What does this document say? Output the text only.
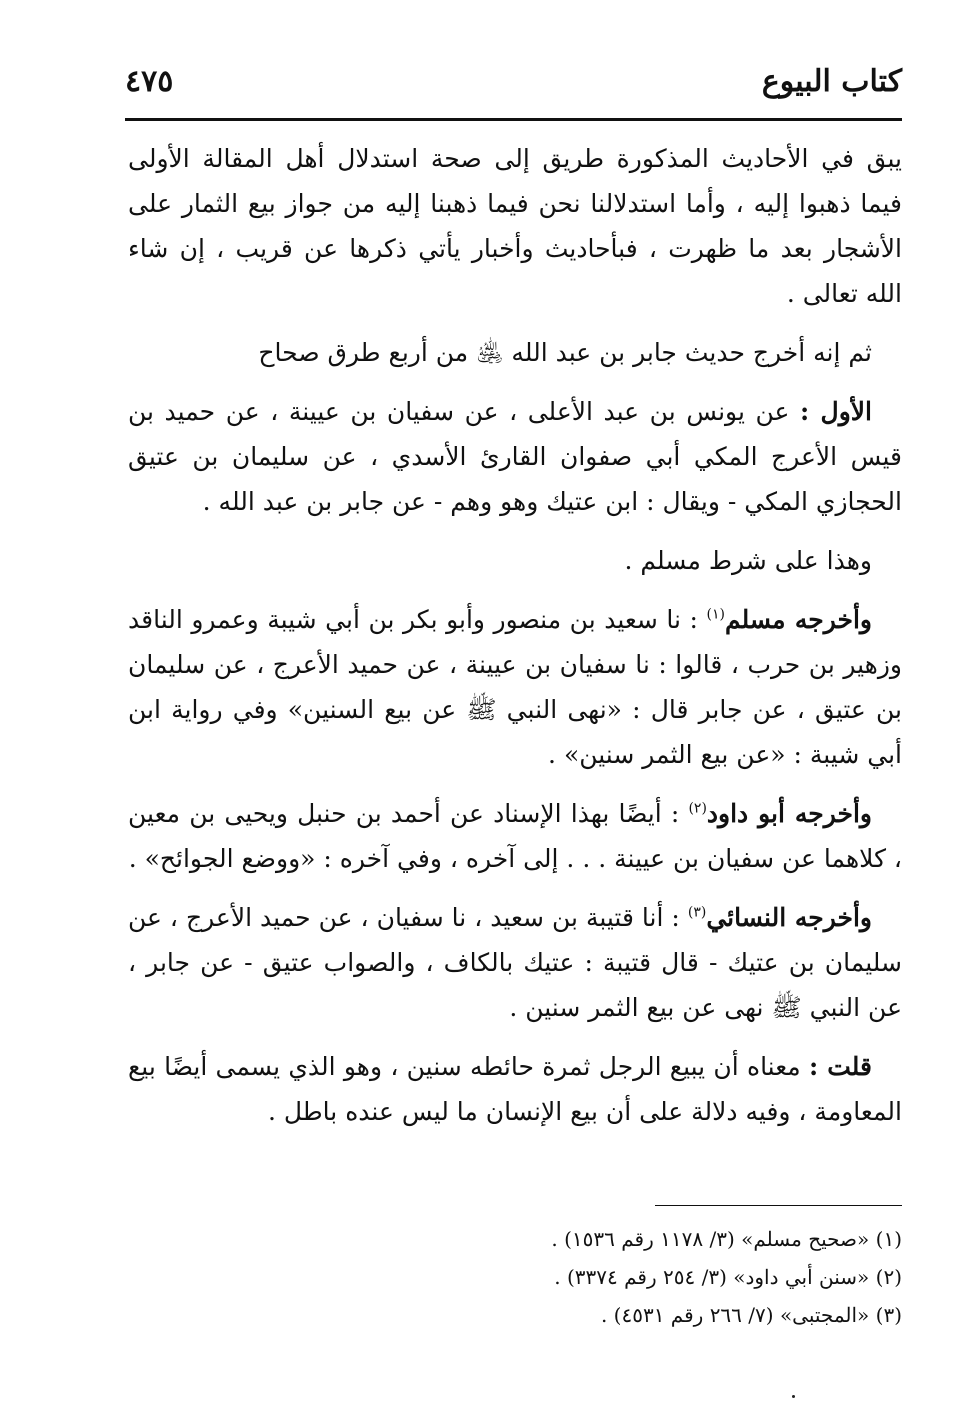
كتاب البيوع
٤٧٥

يبق في الأحاديث المذكورة طريق إلى صحة استدلال أهل المقالة الأولى فيما ذهبوا إليه ، وأما استدلالنا نحن فيما ذهبنا إليه من جواز بيع الثمار على الأشجار بعد ما ظهرت ، فبأحاديث وأخبار يأتي ذكرها عن قريب ، إن شاء الله تعالى .

ثم إنه أخرج حديث جابر بن عبد الله ﵁ من أربع طرق صحاح

الأول : عن يونس بن عبد الأعلى ، عن سفيان بن عيينة ، عن حميد بن قيس الأعرج المكي أبي صفوان القارئ الأسدي ، عن سليمان بن عتيق الحجازي المكي - ويقال : ابن عتيك وهو وهم - عن جابر بن عبد الله .

وهذا على شرط مسلم .

وأخرجه مسلم$^{(١)}$ : نا سعيد بن منصور وأبو بكر بن أبي شيبة وعمرو الناقد وزهير بن حرب ، قالوا : نا سفيان بن عيينة ، عن حميد الأعرج ، عن سليمان بن عتيق ، عن جابر قال : «نهى النبي ﷺ عن بيع السنين» وفي رواية ابن أبي شيبة : «عن بيع الثمر سنين» .

وأخرجه أبو داود$^{(٢)}$ : أيضًا بهذا الإسناد عن أحمد بن حنبل ويحيى بن معين ، كلاهما عن سفيان بن عيينة . . . إلى آخره ، وفي آخره : «ووضع الجوائح» .

وأخرجه النسائي$^{(٣)}$ : أنا قتيبة بن سعيد ، نا سفيان ، عن حميد الأعرج ، عن سليمان بن عتيك - قال قتيبة : عتيك بالكاف ، والصواب عتيق - عن جابر ، عن النبي ﷺ نهى عن بيع الثمر سنين .

قلت : معناه أن يبيع الرجل ثمرة حائطه سنين ، وهو الذي يسمى أيضًا بيع المعاومة ، وفيه دلالة على أن بيع الإنسان ما ليس عنده باطل .

(١) «صحيح مسلم» (٣/ ١١٧٨ رقم ١٥٣٦) .

(٢) «سنن أبي داود» (٣/ ٢٥٤ رقم ٣٣٧٤) .

(٣) «المجتبى» (٧/ ٢٦٦ رقم ٤٥٣١) .
